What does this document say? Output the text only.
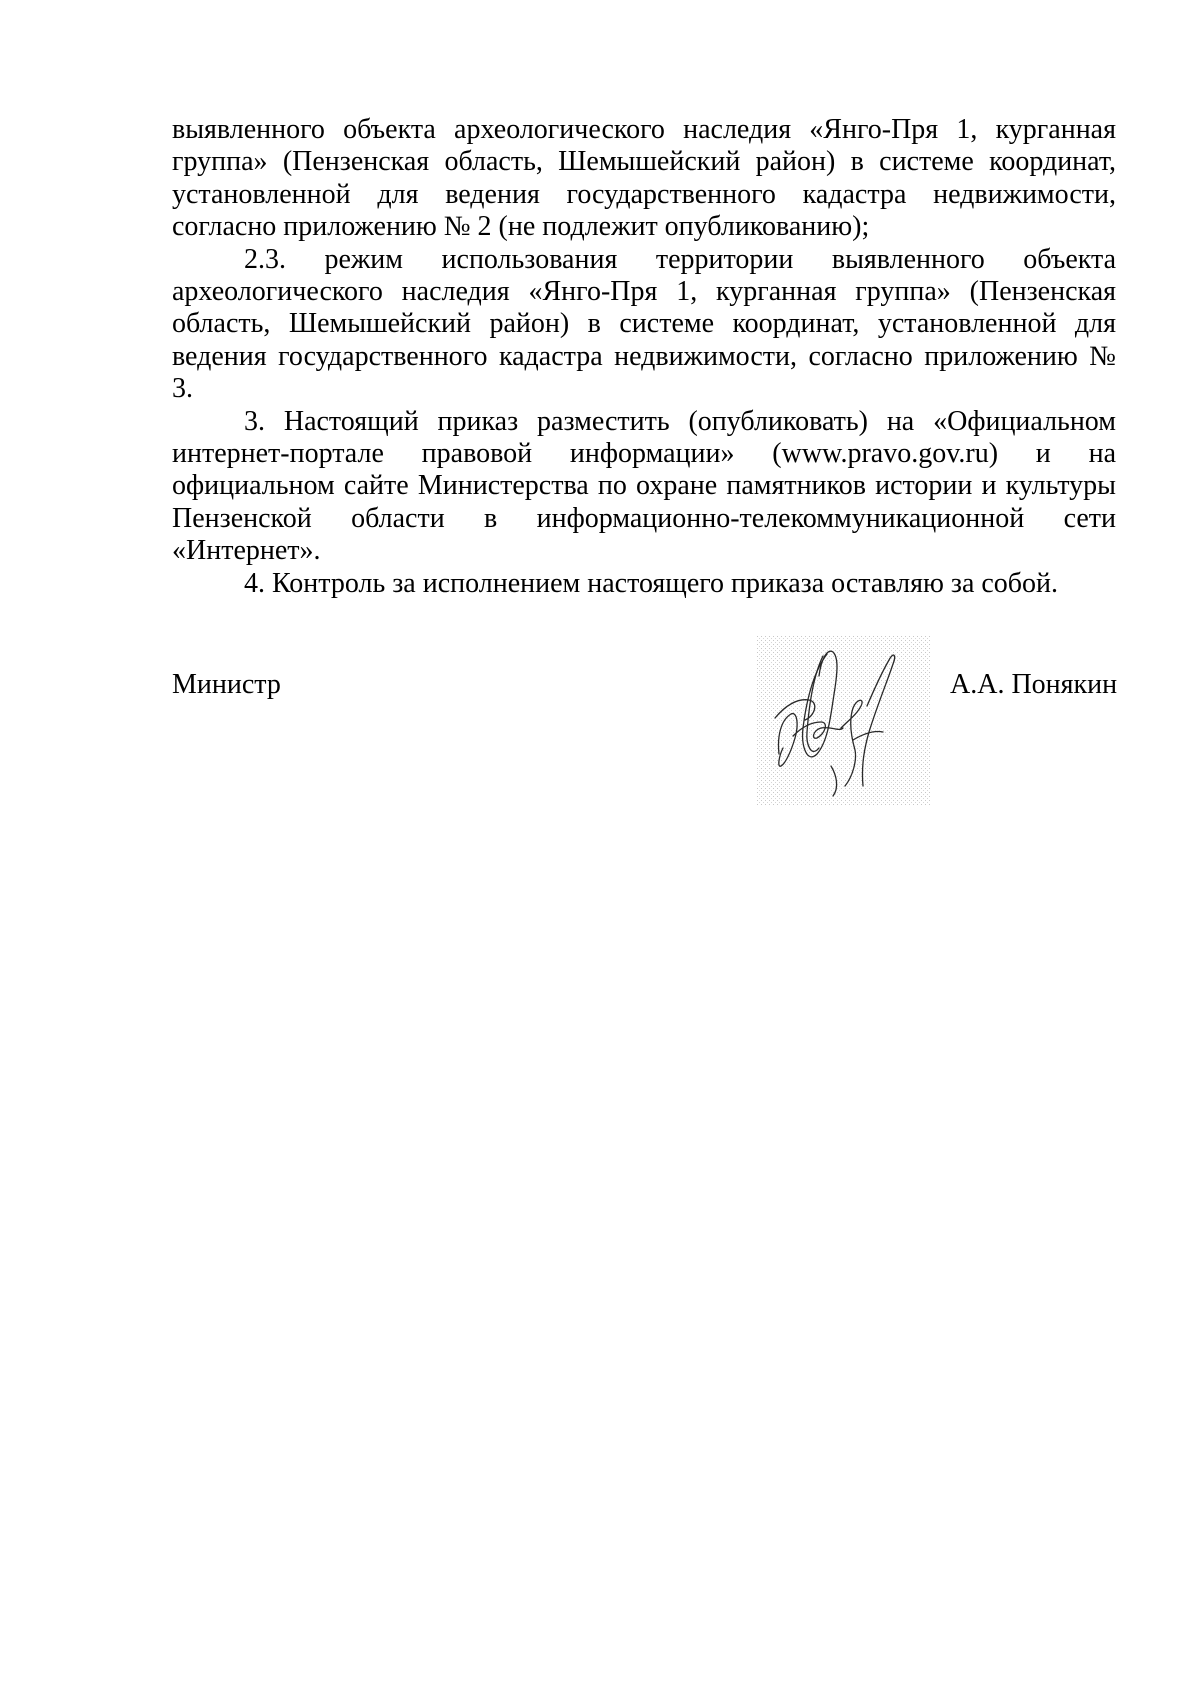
выявленного объекта археологического наследия «Янго-Пря 1, курганная группа» (Пензенская область, Шемышейский район) в системе координат, установленной для ведения государственного кадастра недвижимости, согласно приложению № 2 (не подлежит опубликованию);

2.3. режим использования территории выявленного объекта археологического наследия «Янго-Пря 1, курганная группа» (Пензенская область, Шемышейский район) в системе координат, установленной для ведения государственного кадастра недвижимости, согласно приложению № 3.

3. Настоящий приказ разместить (опубликовать) на «Официальном интернет-портале правовой информации» (www.pravo.gov.ru) и на официальном сайте Министерства по охране памятников истории и культуры Пензенской области в информационно-телекоммуникационной сети «Интернет».

4. Контроль за исполнением настоящего приказа оставляю за собой.

Министр	А.А. Понякин
